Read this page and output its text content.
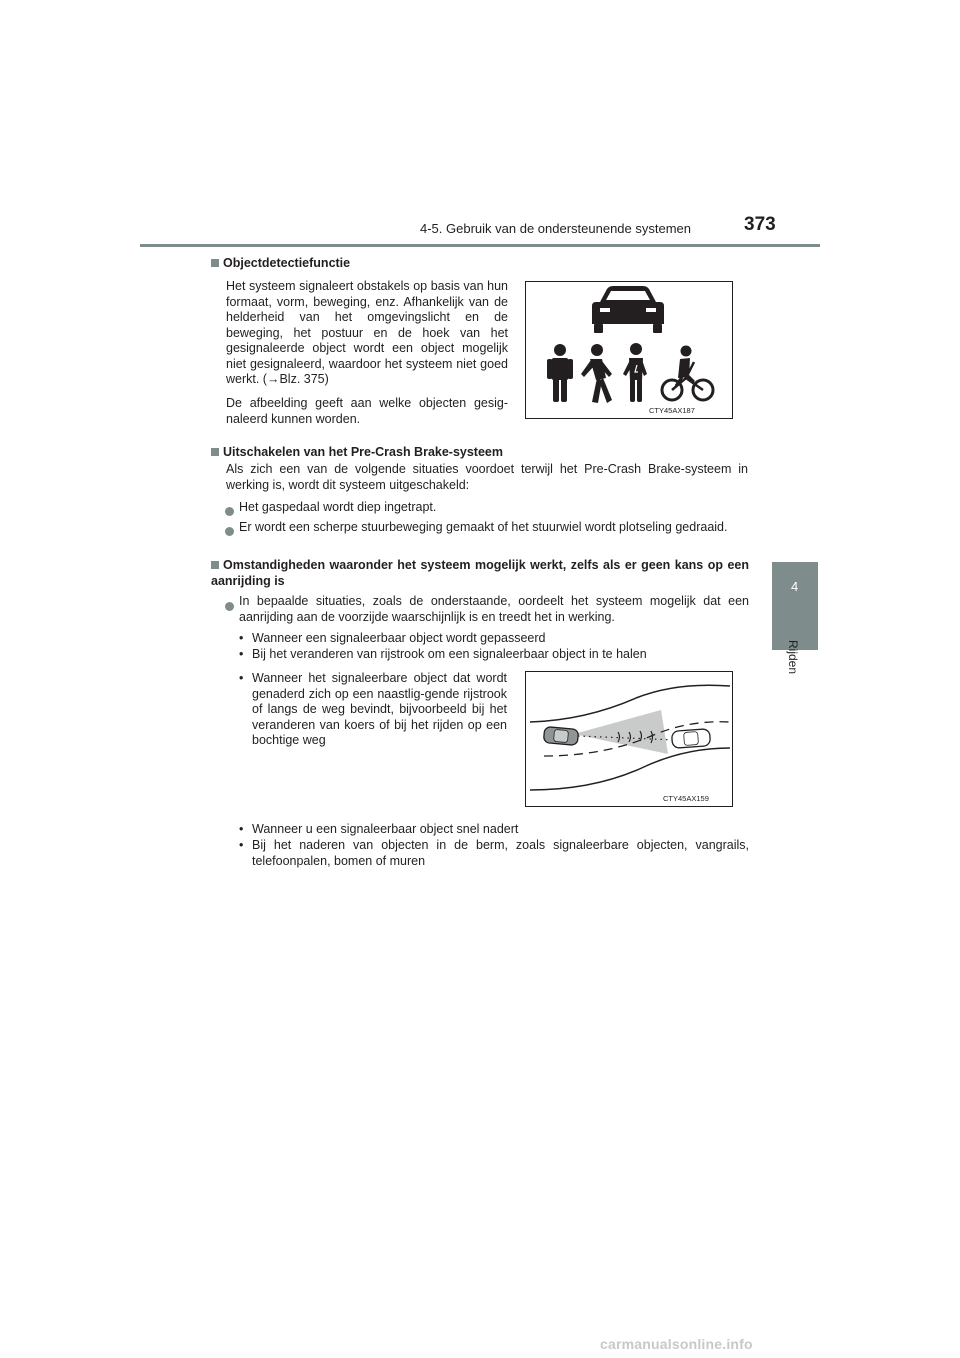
4-5. Gebruik van de ondersteunende systemen	373
4
Rijden
Objectdetectiefunctie
Het systeem signaleert obstakels op basis van hun formaat, vorm, beweging, enz. Afhankelijk van de helderheid van het omgevingslicht en de beweging, het postuur en de hoek van het gesignaleerde object wordt een object mogelijk niet gesignaleerd, waardoor het systeem niet goed werkt. (→Blz. 375)
De afbeelding geeft aan welke objecten gesig-naleerd kunnen worden.
CTY45AX187
Uitschakelen van het Pre-Crash Brake-systeem
Als zich een van de volgende situaties voordoet terwijl het Pre-Crash Brake-systeem in werking is, wordt dit systeem uitgeschakeld:
Het gaspedaal wordt diep ingetrapt.
Er wordt een scherpe stuurbeweging gemaakt of het stuurwiel wordt plotseling gedraaid.
Omstandigheden waaronder het systeem mogelijk werkt, zelfs als er geen kans op een aanrijding is
In bepaalde situaties, zoals de onderstaande, oordeelt het systeem mogelijk dat een aanrijding aan de voorzijde waarschijnlijk is en treedt het in werking.
• Wanneer een signaleerbaar object wordt gepasseerd
• Bij het veranderen van rijstrook om een signaleerbaar object in te halen
• Wanneer het signaleerbare object dat wordt genaderd zich op een naastlig-gende rijstrook of langs de weg bevindt, bijvoorbeeld bij het veranderen van koers of bij het rijden op een bochtige weg
CTY45AX159
• Wanneer u een signaleerbaar object snel nadert
• Bij het naderen van objecten in de berm, zoals signaleerbare objecten, vangrails, telefoonpalen, bomen of muren
carmanualsonline.info
